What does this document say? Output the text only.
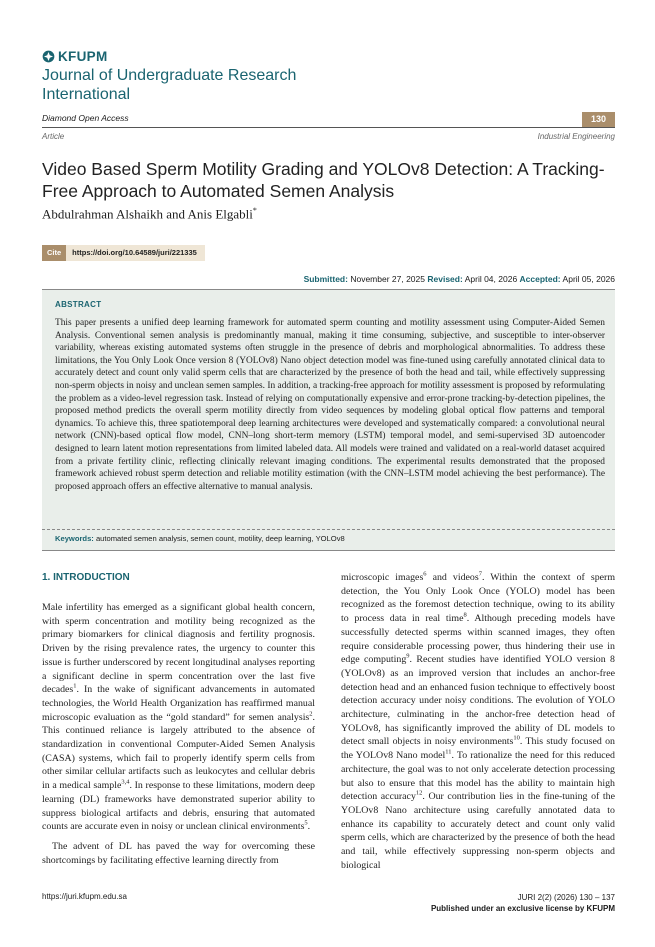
KFUPM
Journal of Undergraduate Research International
Diamond Open Access	130
Article	Industrial Engineering
Video Based Sperm Motility Grading and YOLOv8 Detection: A Tracking-Free Approach to Automated Semen Analysis
Abdulrahman Alshaikh and Anis Elgabli*
Cite	https://doi.org/10.64589/juri/221335
Submitted: November 27, 2025 Revised: April 04, 2026 Accepted: April 05, 2026
ABSTRACT
This paper presents a unified deep learning framework for automated sperm counting and motility assessment using Computer-Aided Semen Analysis. Conventional semen analysis is predominantly manual, making it time consuming, subjective, and susceptible to inter-observer variability, whereas existing automated systems often struggle in the presence of debris and morphological abnormalities. To address these limitations, the You Only Look Once version 8 (YOLOv8) Nano object detection model was fine-tuned using carefully annotated clinical data to accurately detect and count only valid sperm cells that are characterized by the presence of both the head and tail, while effectively suppressing non-sperm objects in noisy and unclean semen samples. In addition, a tracking-free approach for motility assessment is proposed by reformulating the problem as a video-level regression task. Instead of relying on computationally expensive and error-prone tracking-by-detection pipelines, the proposed method predicts the overall sperm motility directly from video sequences by modeling global optical flow patterns and temporal dynamics. To achieve this, three spatiotemporal deep learning architectures were developed and systematically compared: a convolutional neural network (CNN)-based optical flow model, CNN–long short-term memory (LSTM) temporal model, and semi-supervised 3D autoencoder designed to learn latent motion representations from limited labeled data. All models were trained and validated on a real-world dataset acquired from a private fertility clinic, reflecting clinically relevant imaging conditions. The experimental results demonstrated that the proposed framework achieved robust sperm detection and reliable motility estimation (with the CNN–LSTM model achieving the best performance). The proposed approach offers an effective alternative to manual analysis.
Keywords: automated semen analysis, semen count, motility, deep learning, YOLOv8
1. INTRODUCTION

Male infertility has emerged as a significant global health concern, with sperm concentration and motility being recognized as the primary biomarkers for clinical diagnosis and fertility prognosis. Driven by the rising prevalence rates, the urgency to counter this issue is further underscored by recent longitudinal analyses reporting a significant decline in sperm concentration over the last five decades$^1$. In the wake of significant advancements in automated technologies, the World Health Organization has reaffirmed manual microscopic evaluation as the “gold standard” for semen analysis$^2$. This continued reliance is largely attributed to the absence of standardization in conventional Computer-Aided Semen Analysis (CASA) systems, which fail to properly identify sperm cells from other similar cellular artifacts such as leukocytes and cellular debris in a medical sample$^{3,4}$. In response to these limitations, modern deep learning (DL) frameworks have demonstrated superior ability to suppress biological artifacts and debris, ensuring that automated counts are accurate even in noisy or unclean clinical environments$^5$.

The advent of DL has paved the way for overcoming these shortcomings by facilitating effective learning directly from

microscopic images$^6$ and videos$^7$. Within the context of sperm detection, the You Only Look Once (YOLO) model has been recognized as the foremost detection technique, owing to its ability to process data in real time$^8$. Although preceding models have successfully detected sperms within scanned images, they often require considerable processing power, thus hindering their use in edge computing$^9$. Recent studies have identified YOLO version 8 (YOLOv8) as an improved version that includes an anchor-free detection head and an enhanced fusion technique to effectively boost detection accuracy under noisy conditions. The evolution of YOLO architecture, culminating in the anchor-free detection head of YOLOv8, has significantly improved the ability of DL models to detect small objects in noisy environments$^{10}$. This study focused on the YOLOv8 Nano model$^{11}$. To rationalize the need for this reduced architecture, the goal was to not only accelerate detection processing but also to ensure that this model has the ability to maintain high detection accuracy$^{12}$. Our contribution lies in the fine-tuning of the YOLOv8 Nano architecture using carefully annotated data to enhance its capability to accurately detect and count only valid sperm cells, which are characterized by the presence of both the head and tail, while effectively suppressing non-sperm objects and biological

https://juri.kfupm.edu.sa	JURI 2(2) (2026) 130 – 137
Published under an exclusive license by KFUPM
